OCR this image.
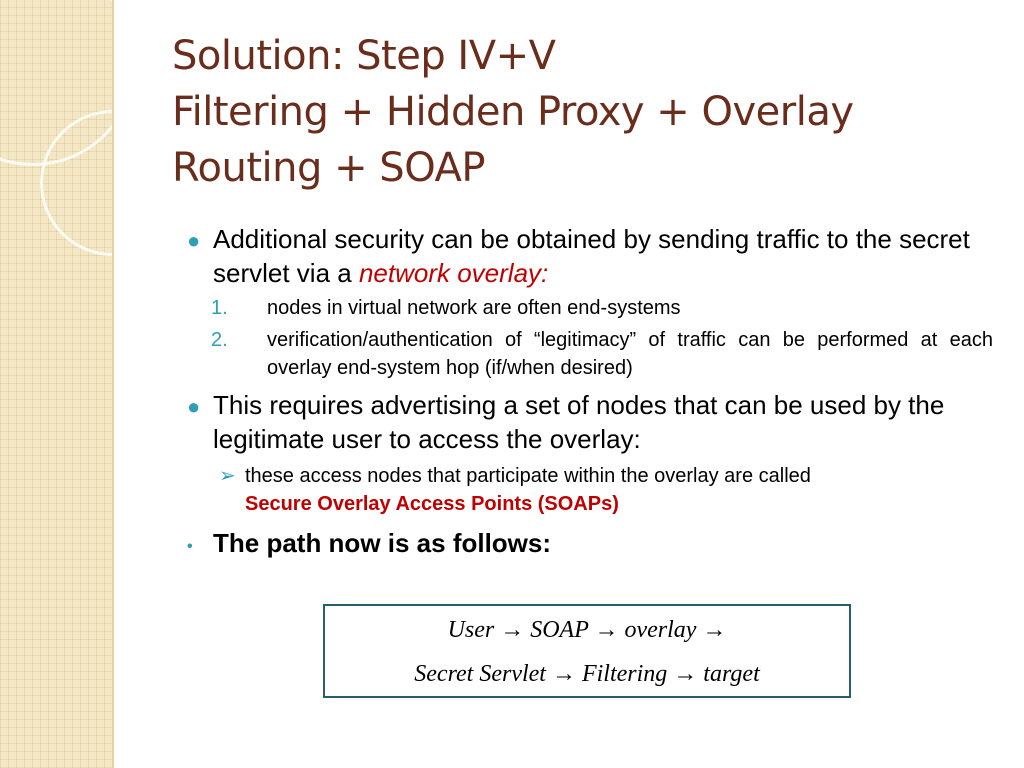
Solution: Step IV+V
Filtering + Hidden Proxy + Overlay
Routing + SOAP

● Additional security can be obtained by sending traffic to the secret servlet via a network overlay:

1. nodes in virtual network are often end-systems

2. verification/authentication of “legitimacy” of traffic can be performed at each overlay end-system hop (if/when desired)

● This requires advertising a set of nodes that can be used by the legitimate user to access the overlay:

➢ these access nodes that participate within the overlay are called
Secure Overlay Access Points (SOAPs)

• The path now is as follows:

User → SOAP → overlay →
Secret Servlet → Filtering → target
